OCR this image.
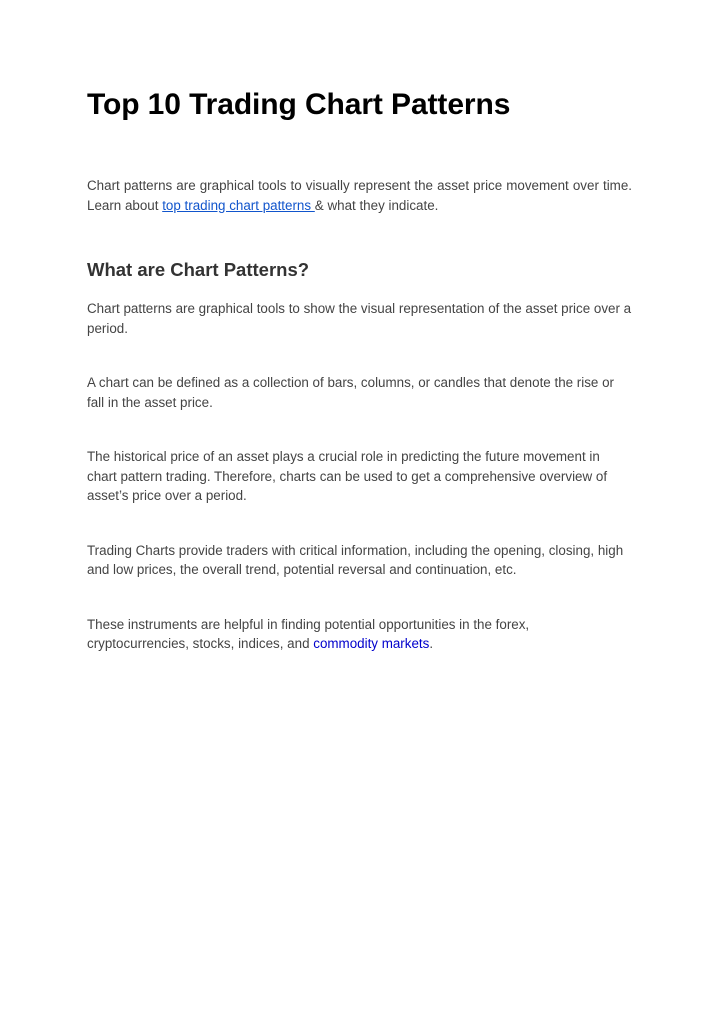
Top 10 Trading Chart Patterns

Chart patterns are graphical tools to visually represent the asset price movement over time. Learn about top trading chart patterns & what they indicate.

What are Chart Patterns?

Chart patterns are graphical tools to show the visual representation of the asset price over a period.

A chart can be defined as a collection of bars, columns, or candles that denote the rise or fall in the asset price.

The historical price of an asset plays a crucial role in predicting the future movement in chart pattern trading. Therefore, charts can be used to get a comprehensive overview of asset’s price over a period.

Trading Charts provide traders with critical information, including the opening, closing, high and low prices, the overall trend, potential reversal and continuation, etc.

These instruments are helpful in finding potential opportunities in the forex, cryptocurrencies, stocks, indices, and commodity markets.
